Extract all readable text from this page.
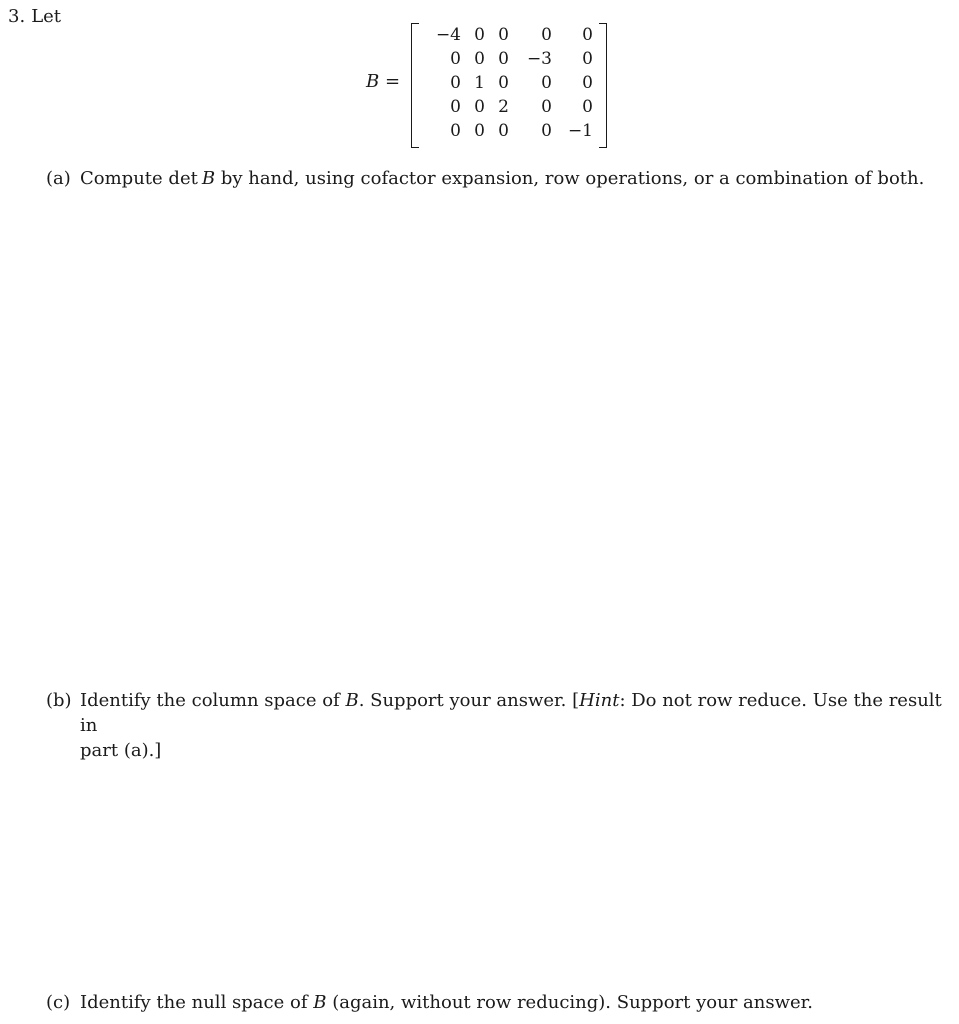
3. Let
B =
−4 0 0	0	0
0 0 0	−3	0
0 1 0	0	0
0 0 2	0	0
0 0 0	0 −1
(a) Compute det B by hand, using cofactor expansion, row operations, or a combination of both.
(b) Identify the column space of B. Support your answer. [Hint: Do not row reduce. Use the result in
part (a).]
(c) Identify the null space of B (again, without row reducing). Support your answer.
